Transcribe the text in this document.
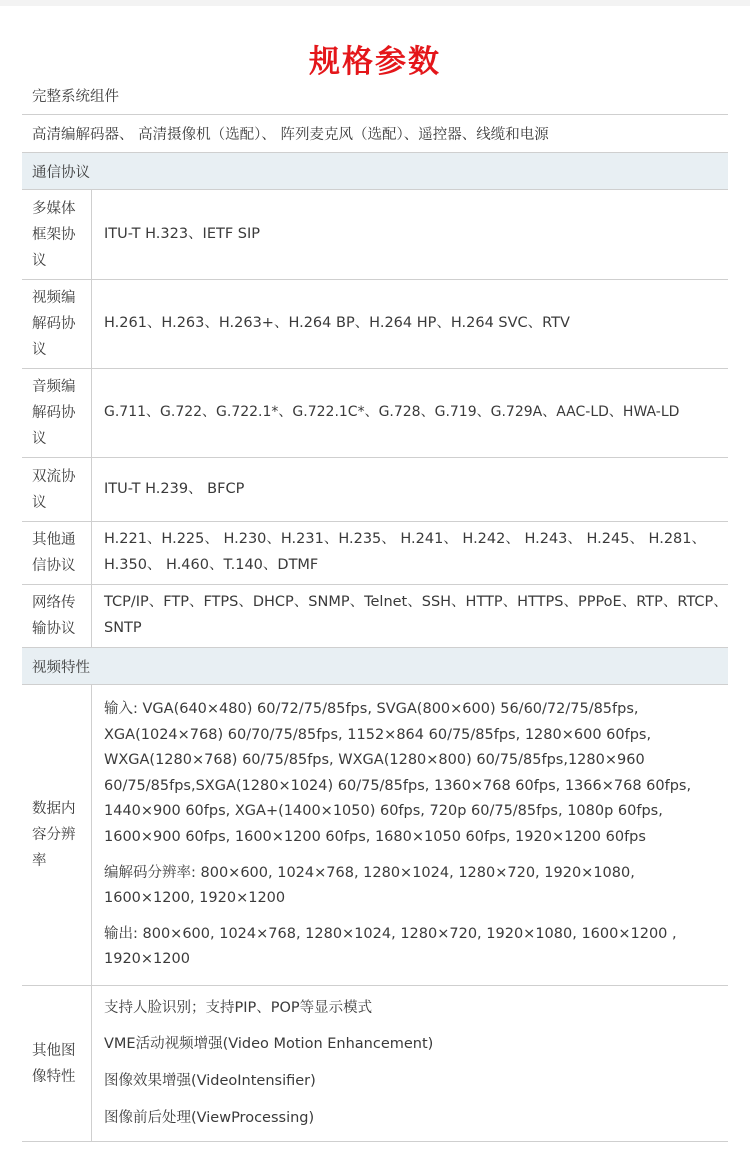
规格参数
完整系统组件
高清编解码器、 高清摄像机（选配）、 阵列麦克风（选配）、遥控器、线缆和电源
通信协议
多媒体
框架协
议

ITU-T H.323、IETF SIP

视频编
解码协
议

H.261、H.263、H.263+、H.264 BP、H.264 HP、H.264 SVC、RTV

音频编
解码协
议

G.711、G.722、G.722.1*、G.722.1C*、G.728、G.719、G.729A、AAC-LD、HWA-LD

双流协
议

ITU-T H.239、 BFCP

其他通
信协议

H.221、H.225、 H.230、H.231、H.235、 H.241、 H.242、 H.243、 H.245、 H.281、 H.350、 H.460、T.140、DTMF

网络传
输协议

TCP/IP、FTP、FTPS、DHCP、SNMP、Telnet、SSH、HTTP、HTTPS、PPPoE、RTP、RTCP、SNTP

视频特性
数据内
容分辨
率

输入: VGA(640×480) 60/72/75/85fps, SVGA(800×600) 56/60/72/75/85fps, XGA(1024×768) 60/70/75/85fps, 1152×864 60/75/85fps, 1280×600 60fps, WXGA(1280×768) 60/75/85fps, WXGA(1280×800) 60/75/85fps,1280×960 60/75/85fps,SXGA(1280×1024) 60/75/85fps, 1360×768 60fps, 1366×768 60fps, 1440×900 60fps, XGA+(1400×1050) 60fps, 720p 60/75/85fps, 1080p 60fps, 1600×900 60fps, 1600×1200 60fps, 1680×1050 60fps, 1920×1200 60fps

编解码分辨率: 800×600, 1024×768, 1280×1024, 1280×720, 1920×1080, 1600×1200, 1920×1200

输出: 800×600, 1024×768, 1280×1024, 1280×720, 1920×1080, 1600×1200 , 1920×1200

其他图
像特性

支持人脸识别；支持PIP、POP等显示模式

VME活动视频增强(Video Motion Enhancement)

图像效果增强(VideoIntensifier)

图像前后处理(ViewProcessing)
